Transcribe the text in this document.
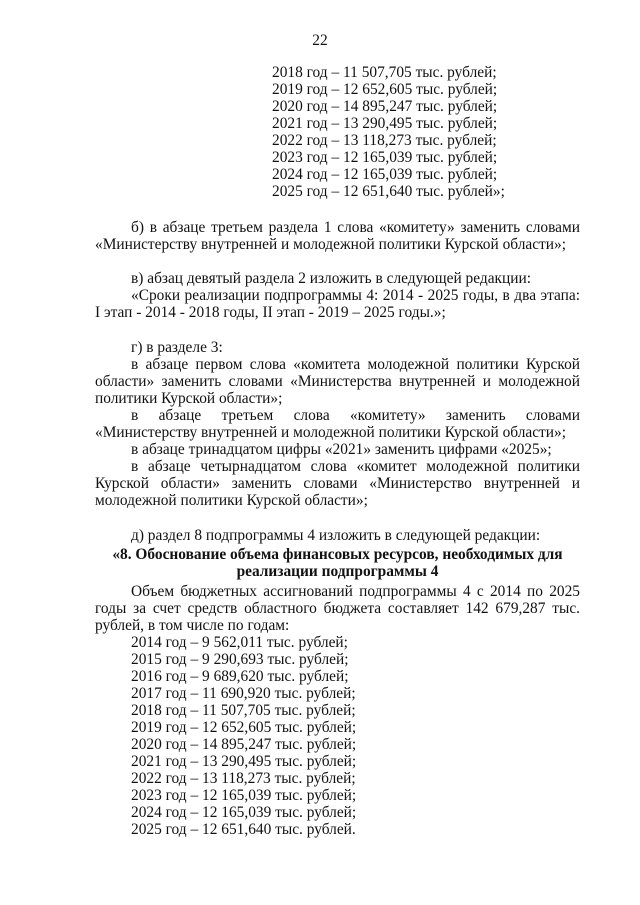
22
2018 год – 11 507,705 тыс. рублей;
2019 год – 12 652,605 тыс. рублей;
2020 год – 14 895,247 тыс. рублей;
2021 год – 13 290,495 тыс. рублей;
2022 год – 13 118,273 тыс. рублей;
2023 год – 12 165,039 тыс. рублей;
2024 год – 12 165,039 тыс. рублей;
2025 год – 12 651,640 тыс. рублей»;
б) в абзаце третьем раздела 1 слова «комитету» заменить словами «Министерству внутренней и молодежной политики Курской области»;
в) абзац девятый раздела 2 изложить в следующей редакции:
«Сроки реализации подпрограммы 4: 2014 - 2025 годы, в два этапа: I этап - 2014 - 2018 годы, II этап - 2019 – 2025 годы.»;
г) в разделе 3:
в абзаце первом слова «комитета молодежной политики Курской области» заменить словами «Министерства внутренней и молодежной политики Курской области»;
в абзаце третьем слова «комитету» заменить словами «Министерству внутренней и молодежной политики Курской области»;
в абзаце тринадцатом цифры «2021» заменить цифрами «2025»;
в абзаце четырнадцатом слова «комитет молодежной политики Курской области» заменить словами «Министерство внутренней и молодежной политики Курской области»;
д) раздел 8 подпрограммы 4 изложить в следующей редакции:
«8. Обоснование объема финансовых ресурсов, необходимых для реализации подпрограммы 4
Объем бюджетных ассигнований подпрограммы 4 с 2014 по 2025 годы за счет средств областного бюджета составляет 142 679,287 тыс. рублей, в том числе по годам:
2014 год – 9 562,011 тыс. рублей;
2015 год – 9 290,693 тыс. рублей;
2016 год – 9 689,620 тыс. рублей;
2017 год – 11 690,920 тыс. рублей;
2018 год – 11 507,705 тыс. рублей;
2019 год – 12 652,605 тыс. рублей;
2020 год – 14 895,247 тыс. рублей;
2021 год – 13 290,495 тыс. рублей;
2022 год – 13 118,273 тыс. рублей;
2023 год – 12 165,039 тыс. рублей;
2024 год – 12 165,039 тыс. рублей;
2025 год – 12 651,640 тыс. рублей.
